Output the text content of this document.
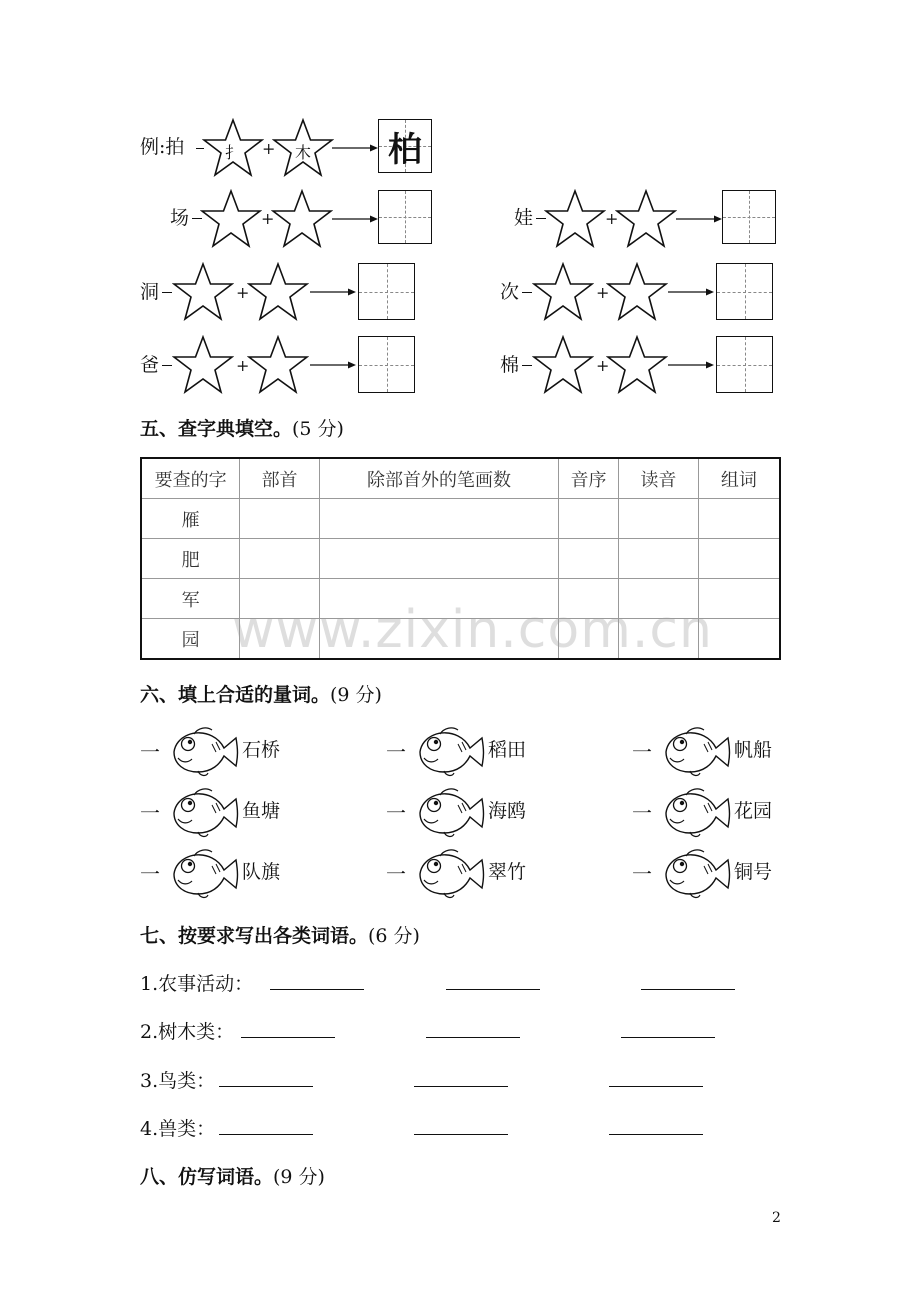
例:拍	扌	+	木	柏
场	+	娃	+
洞	+	次	+
爸	+	棉	+
五、查字典填空。(5 分)
要查的字	部首	除部首外的笔画数	音序	读音	组词
雁					
肥					
军					
园					www.zixin.com.cn
六、填上合适的量词。(9 分)
一	石桥	一	稻田	一	帆船
一	鱼塘	一	海鸥	一	花园
一	队旗	一	翠竹	一	铜号
七、按要求写出各类词语。(6 分)
1.农事活动：
2.树木类：
3.鸟类：
4.兽类：
八、仿写词语。(9 分)
2
